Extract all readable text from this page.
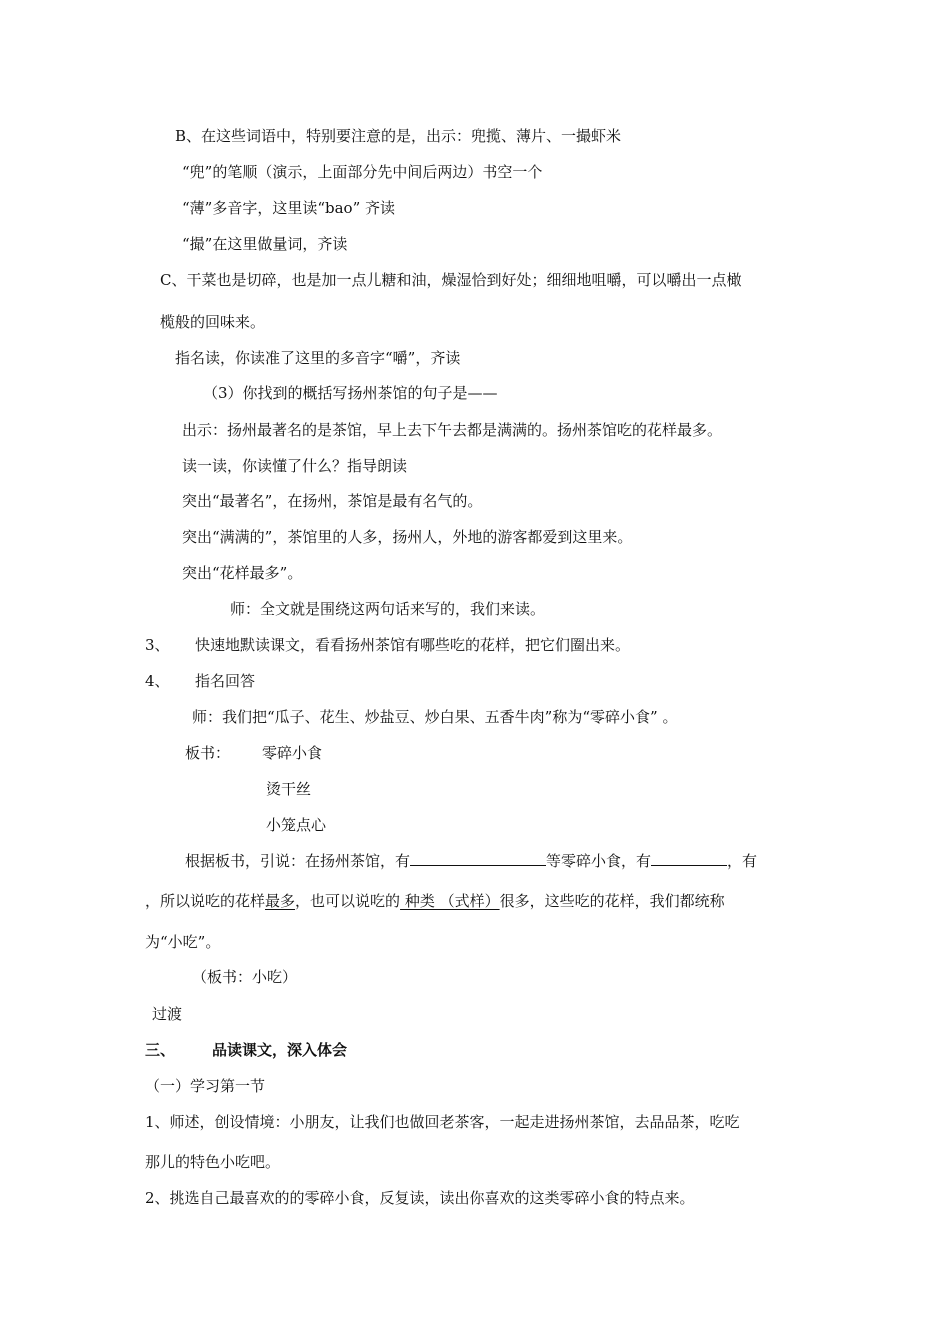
B、在这些词语中，特别要注意的是，出示：兜揽、薄片、一撮虾米
“兜”的笔顺（演示，上面部分先中间后两边）书空一个
“薄”多音字，这里读“bao” 齐读
“撮”在这里做量词，齐读
C、干菜也是切碎，也是加一点儿糖和油，燥湿恰到好处；细细地咀嚼，可以嚼出一点橄
榄般的回味来。
指名读，你读准了这里的多音字“嚼”，齐读
（3）你找到的概括写扬州茶馆的句子是——
出示：扬州最著名的是茶馆，早上去下午去都是满满的。扬州茶馆吃的花样最多。
读一读，你读懂了什么？指导朗读
突出“最著名”，在扬州，茶馆是最有名气的。
突出“满满的”，茶馆里的人多，扬州人，外地的游客都爱到这里来。
突出“花样最多”。
师：全文就是围绕这两句话来写的，我们来读。
3、 快速地默读课文，看看扬州茶馆有哪些吃的花样，把它们圈出来。
4、 指名回答
师：我们把“瓜子、花生、炒盐豆、炒白果、五香牛肉”称为“零碎小食” 。
板书： 零碎小食
烫干丝
小笼点心
根据板书，引说：在扬州茶馆，有	等零碎小食，有	，有
，所以说吃的花样最多，也可以说吃的 种类 （式样）很多，这些吃的花样，我们都统称
为“小吃”。
（板书：小吃）
过渡
三、 品读课文，深入体会
（一）学习第一节
1、师述，创设情境：小朋友，让我们也做回老茶客，一起走进扬州茶馆，去品品茶，吃吃
那儿的特色小吃吧。
2、挑选自己最喜欢的的零碎小食，反复读，读出你喜欢的这类零碎小食的特点来。
